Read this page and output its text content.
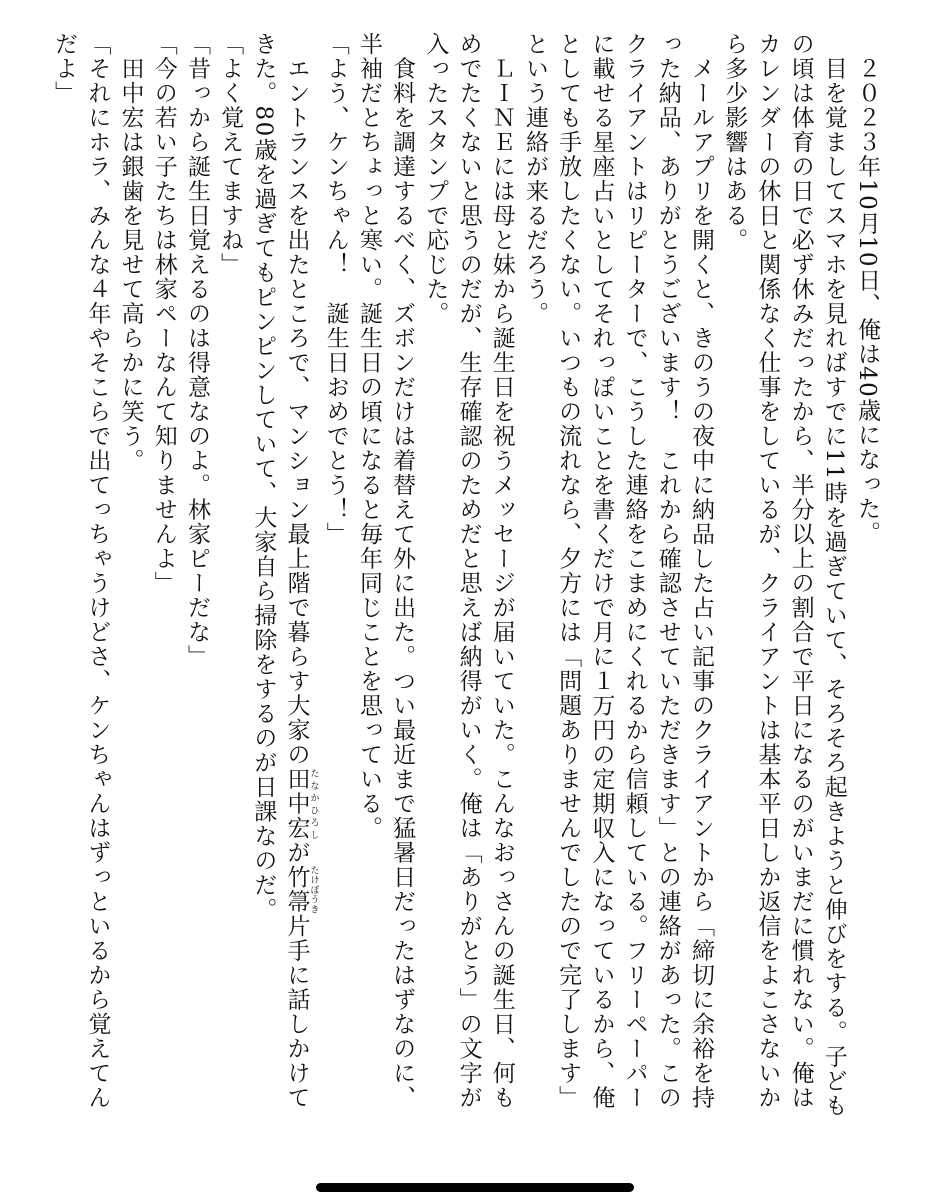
　２０２３年10月10日、俺は40歳になった。

　目を覚ましてスマホを見ればすでに11時を過ぎていて、そろそろ起きようと伸びをする。子どもの頃は体育の日で必ず休みだったから、半分以上の割合で平日になるのがいまだに慣れない。俺はカレンダーの休日と関係なく仕事をしているが、クライアントは基本平日しか返信をよこさないから多少影響はある。

　メールアプリを開くと、きのうの夜中に納品した占い記事のクライアントから「締切に余裕を持った納品、ありがとうございます！　これから確認させていただきます」との連絡があった。このクライアントはリピーターで、こうした連絡をこまめにくれるから信頼している。フリーペーパーに載せる星座占いとしてそれっぽいことを書くだけで月に１万円の定期収入になっているから、俺としても手放したくない。いつもの流れなら、夕方には「問題ありませんでしたので完了します」という連絡が来るだろう。

　ＬＩＮＥには母と妹から誕生日を祝うメッセージが届いていた。こんなおっさんの誕生日、何もめでたくないと思うのだが、生存確認のためだと思えば納得がいく。俺は「ありがとう」の文字が入ったスタンプで応じた。

　食料を調達するべく、ズボンだけは着替えて外に出た。つい最近まで猛暑日だったはずなのに、半袖だとちょっと寒い。誕生日の頃になると毎年同じことを思っている。

「よう、ケンちゃん！　誕生日おめでとう！」

　エントランスを出たところで、マンション最上階で暮らす大家の田中宏 たなかひろしが竹箒 たけぼうき片手に話しかけてきた。80歳を過ぎてもピンピンしていて、大家自ら掃除をするのが日課なのだ。

「よく覚えてますね」

「昔っから誕生日覚えるのは得意なのよ。林家ピーだな」

「今の若い子たちは林家ペーなんて知りませんよ」

　田中宏は銀歯を見せて高らかに笑う。

「それにホラ、みんな４年やそこらで出てっちゃうけどさ、ケンちゃんはずっといるから覚えてんだよ」
